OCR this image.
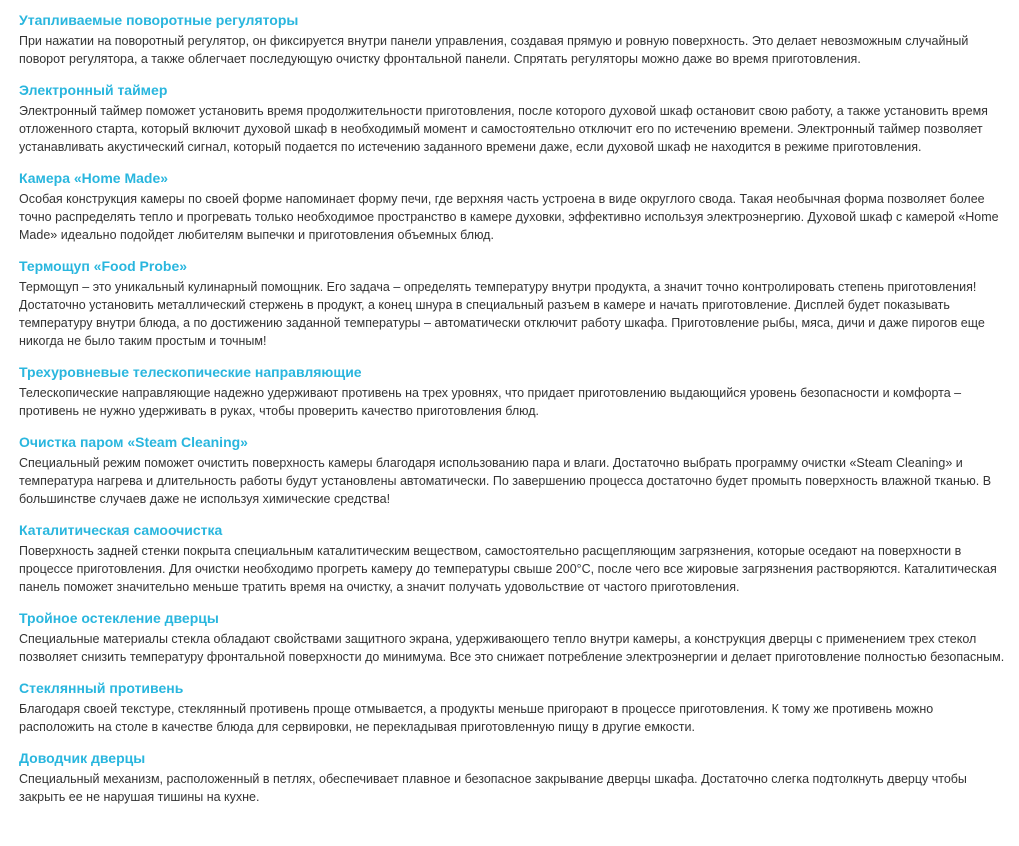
Утапливаемые поворотные регуляторы

При нажатии на поворотный регулятор, он фиксируется внутри панели управления, создавая прямую и ровную поверхность. Это делает невозможным случайный поворот регулятора, а также облегчает последующую очистку фронтальной панели. Спрятать регуляторы можно даже во время приготовления.

Электронный таймер

Электронный таймер поможет установить время продолжительности приготовления, после которого духовой шкаф остановит свою работу, а также установить время отложенного старта, который включит духовой шкаф в необходимый момент и самостоятельно отключит его по истечению времени. Электронный таймер позволяет устанавливать акустический сигнал, который подается по истечению заданного времени даже, если духовой шкаф не находится в режиме приготовления.

Камера «Home Made»

Особая конструкция камеры по своей форме напоминает форму печи, где верхняя часть устроена в виде округлого свода. Такая необычная форма позволяет более точно распределять тепло и прогревать только необходимое пространство в камере духовки, эффективно используя электроэнергию. Духовой шкаф с камерой «Home Made» идеально подойдет любителям выпечки и приготовления объемных блюд.

Термощуп «Food Probe»

Термощуп – это уникальный кулинарный помощник. Его задача – определять температуру внутри продукта, а значит точно контролировать степень приготовления! Достаточно установить металлический стержень в продукт, а конец шнура в специальный разъем в камере и начать приготовление. Дисплей будет показывать температуру внутри блюда, а по достижению заданной температуры – автоматически отключит работу шкафа. Приготовление рыбы, мяса, дичи и даже пирогов еще никогда не было таким простым и точным!

Трехуровневые телескопические направляющие

Телескопические направляющие надежно удерживают противень на трех уровнях, что придает приготовлению выдающийся уровень безопасности и комфорта – противень не нужно удерживать в руках, чтобы проверить качество приготовления блюд.

Очистка паром «Steam Cleaning»

Специальный режим поможет очистить поверхность камеры благодаря использованию пара и влаги. Достаточно выбрать программу очистки «Steam Cleaning» и температура нагрева и длительность работы будут установлены автоматически. По завершению процесса достаточно будет промыть поверхность влажной тканью. В большинстве случаев даже не используя химические средства!

Каталитическая самоочистка

Поверхность задней стенки покрыта специальным каталитическим веществом, самостоятельно расщепляющим загрязнения, которые оседают на поверхности в процессе приготовления. Для очистки необходимо прогреть камеру до температуры свыше 200°C, после чего все жировые загрязнения растворяются. Каталитическая панель поможет значительно меньше тратить время на очистку, а значит получать удовольствие от частого приготовления.

Тройное остекление дверцы

Специальные материалы стекла обладают свойствами защитного экрана, удерживающего тепло внутри камеры, а конструкция дверцы с применением трех стекол позволяет снизить температуру фронтальной поверхности до минимума. Все это снижает потребление электроэнергии и делает приготовление полностью безопасным.

Стеклянный противень

Благодаря своей текстуре, стеклянный противень проще отмывается, а продукты меньше пригорают в процессе приготовления. К тому же противень можно расположить на столе в качестве блюда для сервировки, не перекладывая приготовленную пищу в другие емкости.

Доводчик дверцы

Специальный механизм, расположенный в петлях, обеспечивает плавное и безопасное закрывание дверцы шкафа. Достаточно слегка подтолкнуть дверцу чтобы закрыть ее не нарушая тишины на кухне.
